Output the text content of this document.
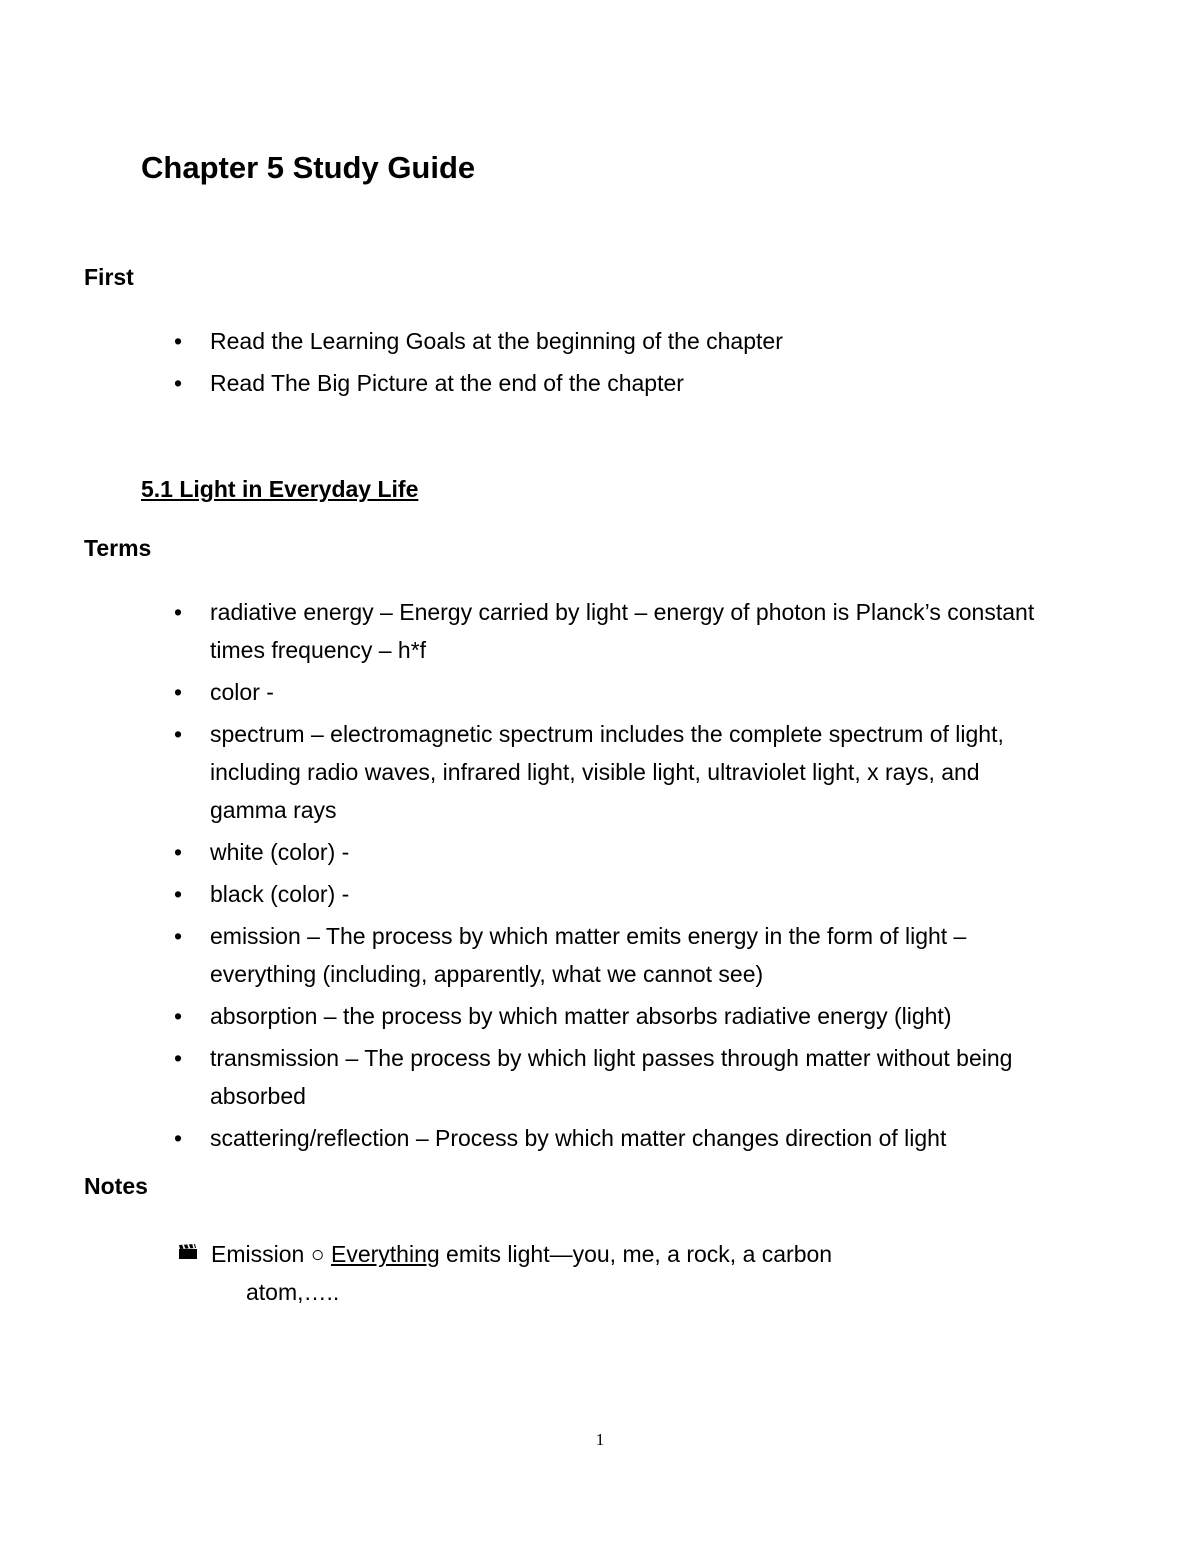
Chapter 5 Study Guide
First
• Read the Learning Goals at the beginning of the chapter
• Read The Big Picture at the end of the chapter
5.1 Light in Everyday Life
Terms
• radiative energy – Energy carried by light – energy of photon is Planck’s constant times frequency – h*f
• color -
• spectrum – electromagnetic spectrum includes the complete spectrum of light, including radio waves, infrared light, visible light, ultraviolet light, x rays, and gamma rays
• white (color) -
• black (color) -
• emission – The process by which matter emits energy in the form of light – everything (including, apparently, what we cannot see)
• absorption – the process by which matter absorbs radiative energy (light)
• transmission – The process by which light passes through matter without being absorbed
• scattering/reflection – Process by which matter changes direction of light
Notes
Emission ○ Everything emits light—you, me, a rock, a carbon
atom,…..
1
